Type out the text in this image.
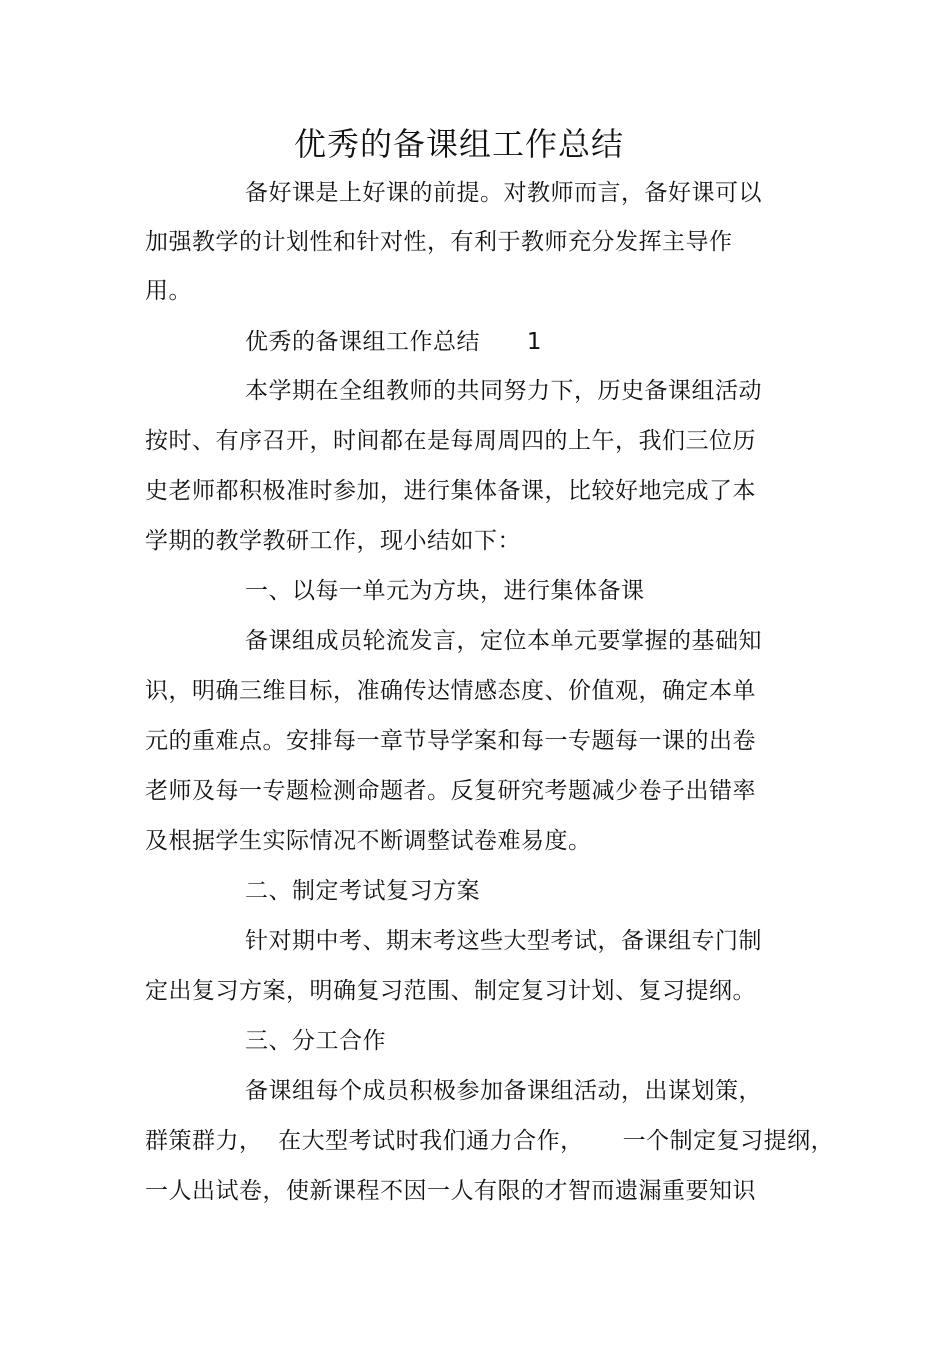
优秀的备课组工作总结
备好课是上好课的前提。对教师而言，备好课可以
加强教学的计划性和针对性，有利于教师充分发挥主导作
用。
优秀的备课组工作总结      1
本学期在全组教师的共同努力下，历史备课组活动
按时、有序召开，时间都在是每周周四的上午，我们三位历
史老师都积极准时参加，进行集体备课，比较好地完成了本
学期的教学教研工作，现小结如下：
一、以每一单元为方块，进行集体备课
备课组成员轮流发言，定位本单元要掌握的基础知
识，明确三维目标，准确传达情感态度、价值观，确定本单
元的重难点。安排每一章节导学案和每一专题每一课的出卷
老师及每一专题检测命题者。反复研究考题减少卷子出错率
及根据学生实际情况不断调整试卷难易度。
二、制定考试复习方案
针对期中考、期末考这些大型考试，备课组专门制
定出复习方案，明确复习范围、制定复习计划、复习提纲。
三、分工合作
备课组每个成员积极参加备课组活动，出谋划策，
群策群力，  在大型考试时我们通力合作，     一个制定复习提纲，
一人出试卷，使新课程不因一人有限的才智而遗漏重要知识
